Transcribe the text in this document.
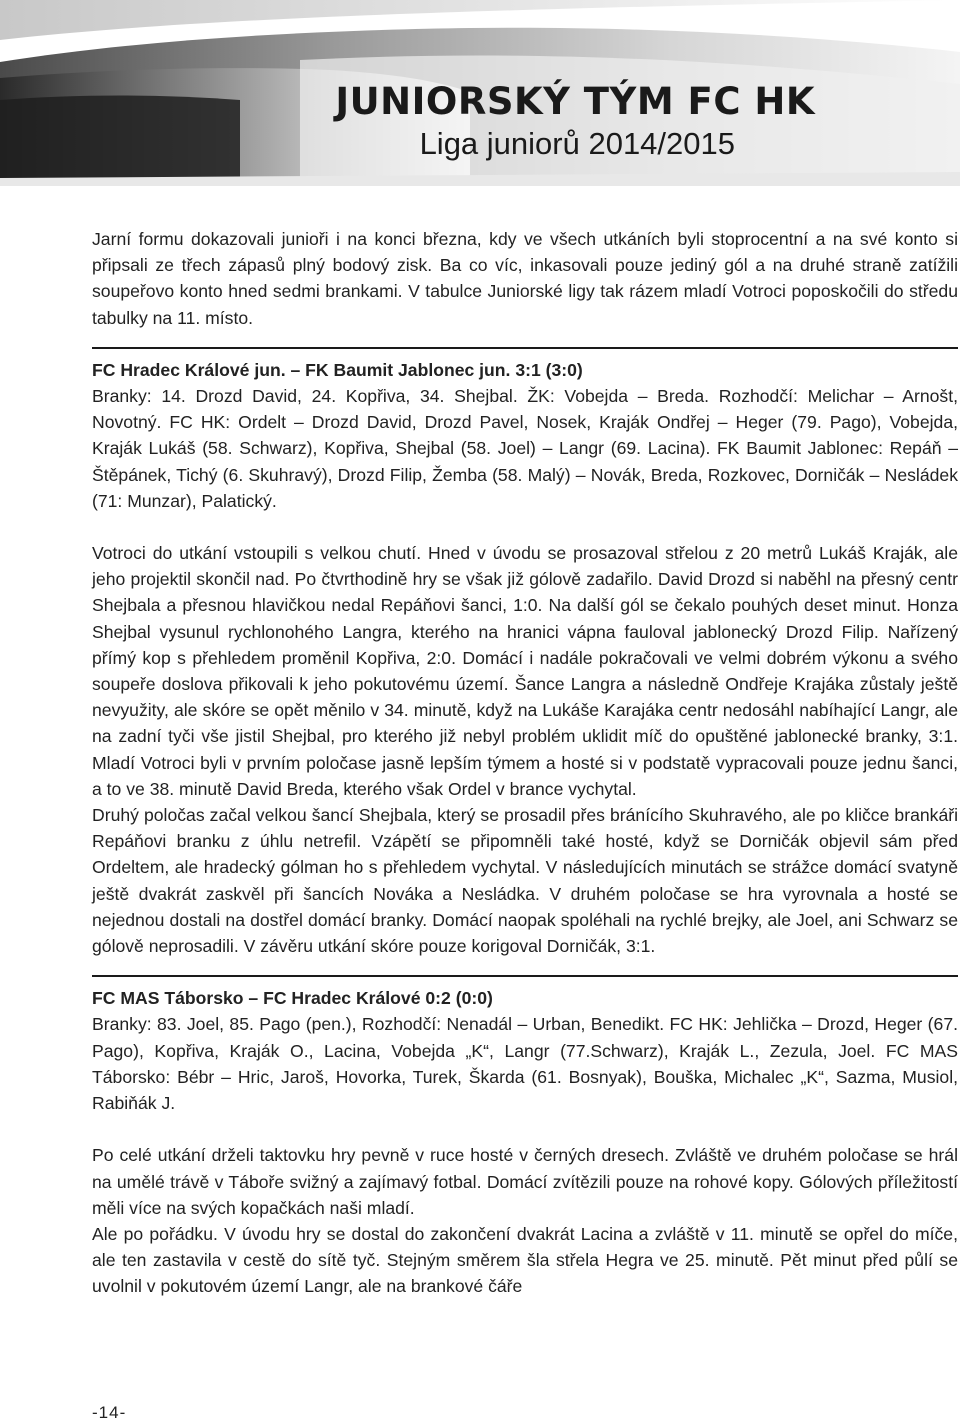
JUNIORSKÝ TÝM FC HK
Liga juniorů 2014/2015

Jarní formu dokazovali junioři i na konci března, kdy ve všech utkáních byli stoprocentní a na své konto si připsali ze třech zápasů plný bodový zisk. Ba co víc, inkasovali pouze jediný gól a na druhé straně zatížili soupeřovo konto hned sedmi brankami. V tabulce Juniorské ligy tak rázem mladí Votroci poposkočili do středu tabulky na 11. místo.

FC Hradec Králové jun. – FK Baumit Jablonec jun. 3:1 (3:0)

Branky: 14. Drozd David, 24. Kopřiva, 34. Shejbal. ŽK: Vobejda – Breda. Rozhodčí: Melichar – Arnošt, Novotný. FC HK: Ordelt – Drozd David, Drozd Pavel, Nosek, Kraják Ondřej – Heger (79. Pago), Vobejda, Kraják Lukáš (58. Schwarz), Kopřiva, Shejbal (58. Joel) – Langr (69. Lacina). FK Baumit Jablonec: Repáň – Štěpánek, Tichý (6. Skuhravý), Drozd Filip, Žemba (58. Malý) – Novák, Breda, Rozkovec, Dorničák – Nesládek (71: Munzar), Palatický.

Votroci do utkání vstoupili s velkou chutí. Hned v úvodu se prosazoval střelou z 20 metrů Lukáš Kraják, ale jeho projektil skončil nad. Po čtvrthodině hry se však již gólově zadařilo. David Drozd si naběhl na přesný centr Shejbala a přesnou hlavičkou nedal Repáňovi šanci, 1:0. Na další gól se čekalo pouhých deset minut. Honza Shejbal vysunul rychlonohého Langra, kterého na hranici vápna fauloval jablonecký Drozd Filip. Nařízený přímý kop s přehledem proměnil Kopřiva, 2:0. Domácí i nadále pokračovali ve velmi dobrém výkonu a svého soupeře doslova přikovali k jeho pokutovému území. Šance Langra a následně Ondřeje Krajáka zůstaly ještě nevyužity, ale skóre se opět měnilo v 34. minutě, když na Lukáše Karajáka centr nedosáhl nabíhající Langr, ale na zadní tyči vše jistil Shejbal, pro kterého již nebyl problém uklidit míč do opuštěné jablonecké branky, 3:1. Mladí Votroci byli v prvním poločase jasně lepším týmem a hosté si v podstatě vypracovali pouze jednu šanci, a to ve 38. minutě David Breda, kterého však Ordel v brance vychytal.

Druhý poločas začal velkou šancí Shejbala, který se prosadil přes bránícího Skuhravého, ale po kličce brankáři Repáňovi branku z úhlu netrefil. Vzápětí se připomněli také hosté, když se Dorničák objevil sám před Ordeltem, ale hradecký gólman ho s přehledem vychytal. V následujících minutách se strážce domácí svatyně ještě dvakrát zaskvěl při šancích Nováka a Nesládka. V druhém poločase se hra vyrovnala a hosté se nejednou dostali na dostřel domácí branky. Domácí naopak spoléhali na rychlé brejky, ale Joel, ani Schwarz se gólově neprosadili. V závěru utkání skóre pouze korigoval Dorničák, 3:1.

FC MAS Táborsko – FC Hradec Králové 0:2 (0:0)

Branky: 83. Joel, 85. Pago (pen.), Rozhodčí: Nenadál – Urban, Benedikt. FC HK: Jehlička – Drozd, Heger (67. Pago), Kopřiva, Kraják O., Lacina, Vobejda „K“, Langr (77.Schwarz), Kraják L., Zezula, Joel. FC MAS Táborsko: Bébr – Hric, Jaroš, Hovorka, Turek, Škarda (61. Bosnyak), Bouška, Michalec „K“, Sazma, Musiol, Rabiňák J.

Po celé utkání drželi taktovku hry pevně v ruce hosté v černých dresech. Zvláště ve druhém poločase se hrál na umělé trávě v Táboře svižný a zajímavý fotbal. Domácí zvítězili pouze na rohové kopy. Gólových příležitostí měli více na svých kopačkách naši mladí.

Ale po pořádku. V úvodu hry se dostal do zakončení dvakrát Lacina a zvláště v 11. minutě se opřel do míče, ale ten zastavila v cestě do sítě tyč. Stejným směrem šla střela Hegra ve 25. minutě. Pět minut před půlí se uvolnil v pokutovém území Langr, ale na brankové čáře

-14-
